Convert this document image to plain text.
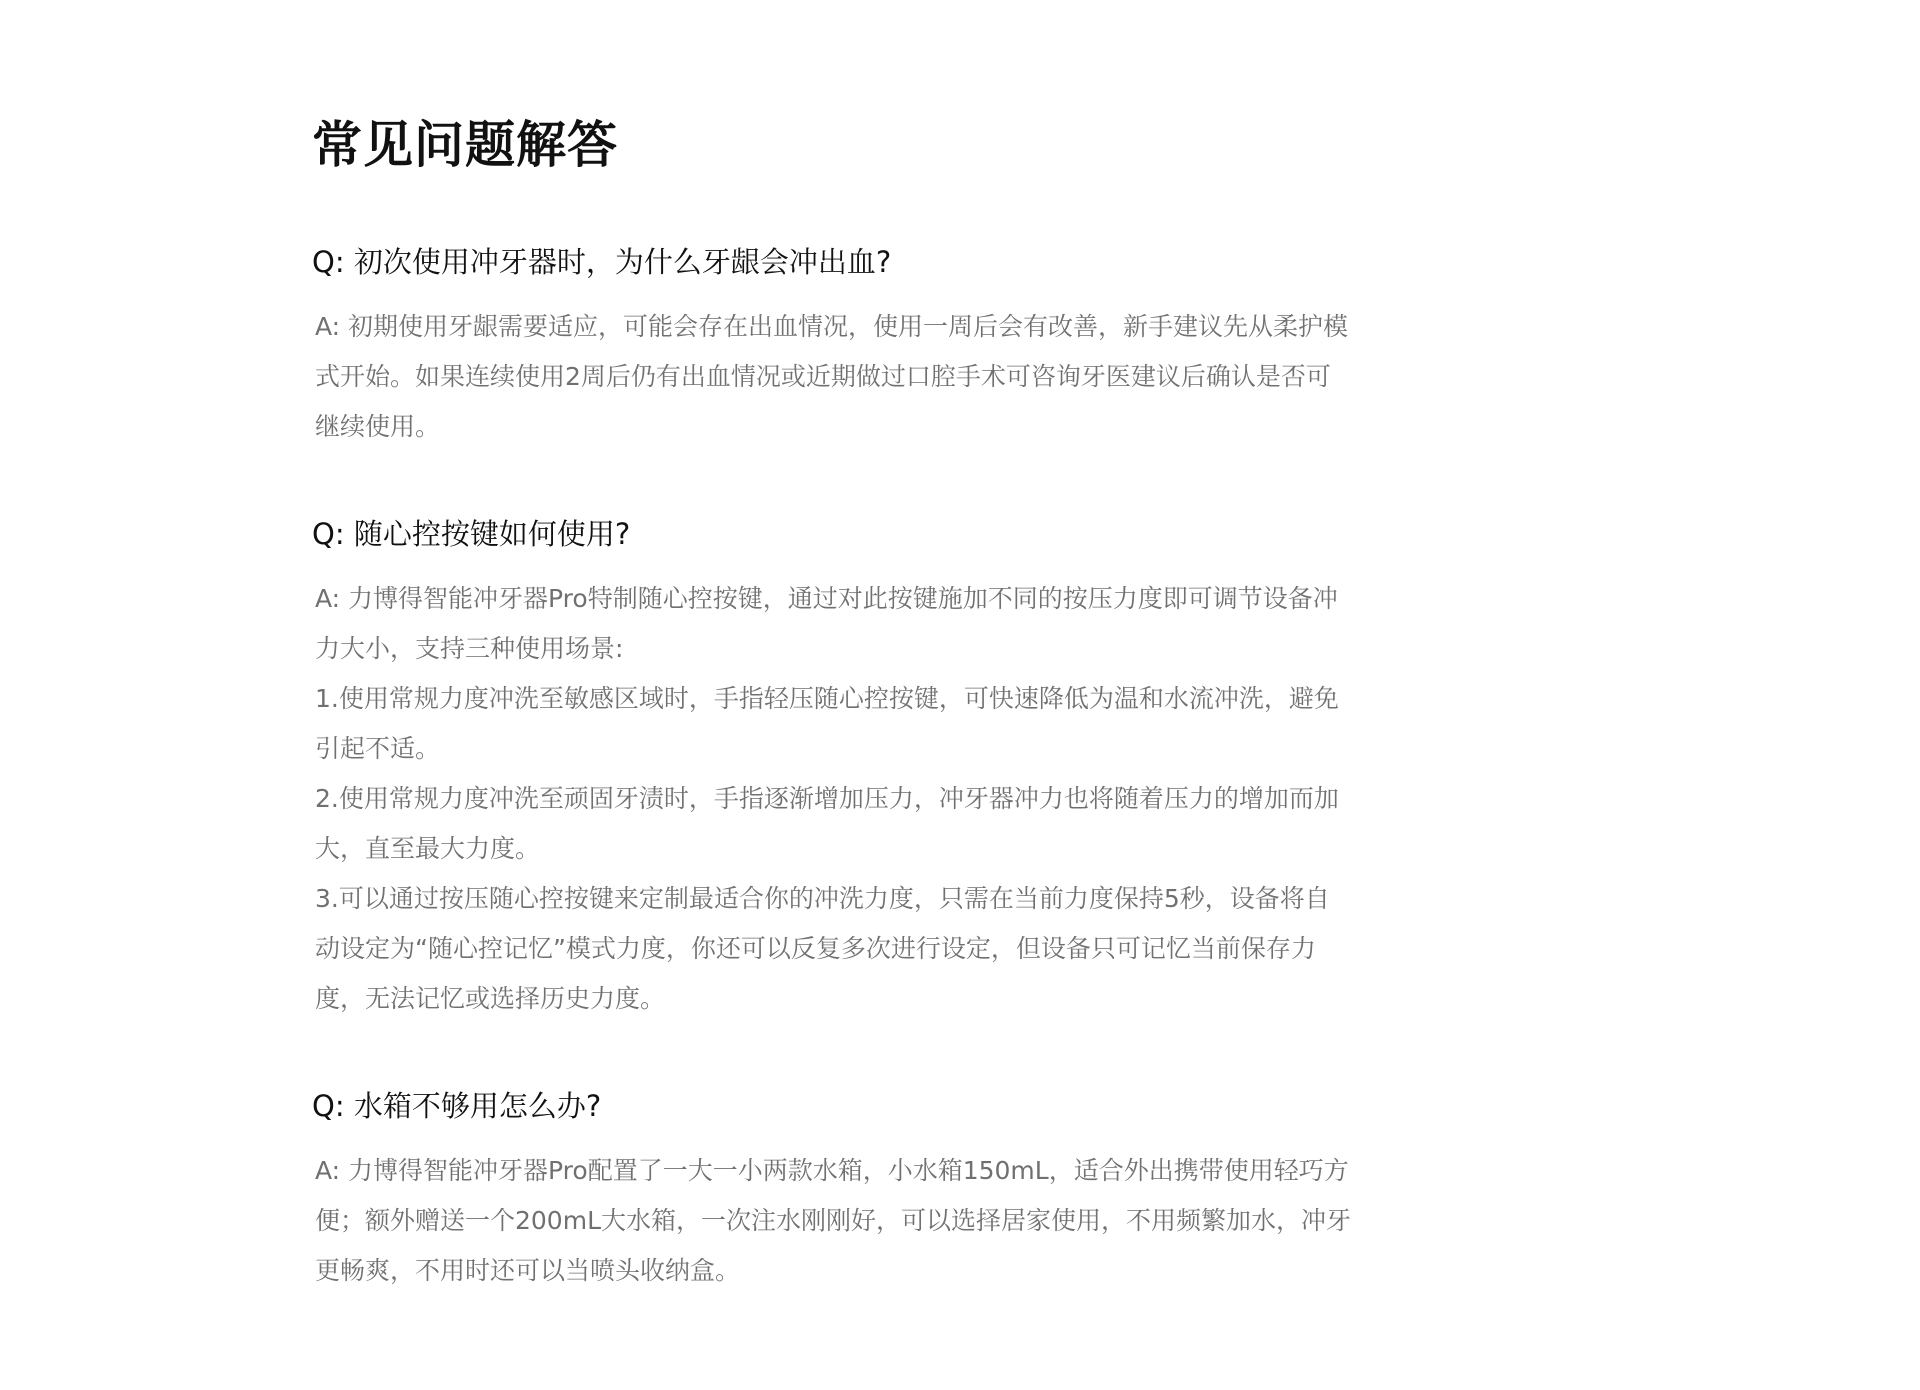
常见问题解答
Q: 初次使用冲牙器时，为什么牙龈会冲出血?

A: 初期使用牙龈需要适应，可能会存在出血情况，使用一周后会有改善，新手建议先从柔护模式开始。如果连续使用2周后仍有出血情况或近期做过口腔手术可咨询牙医建议后确认是否可继续使用。

Q: 随心控按键如何使用?

A: 力博得智能冲牙器Pro特制随心控按键，通过对此按键施加不同的按压力度即可调节设备冲力大小，支持三种使用场景:
1.使用常规力度冲洗至敏感区域时，手指轻压随心控按键，可快速降低为温和水流冲洗，避免引起不适。
2.使用常规力度冲洗至顽固牙渍时，手指逐渐增加压力，冲牙器冲力也将随着压力的增加而加大，直至最大力度。
3.可以通过按压随心控按键来定制最适合你的冲洗力度，只需在当前力度保持5秒，设备将自动设定为“随心控记忆”模式力度，你还可以反复多次进行设定，但设备只可记忆当前保存力度，无法记忆或选择历史力度。

Q: 水箱不够用怎么办?

A: 力博得智能冲牙器Pro配置了一大一小两款水箱，小水箱150mL，适合外出携带使用轻巧方便；额外赠送一个200mL大水箱，一次注水刚刚好，可以选择居家使用，不用频繁加水，冲牙更畅爽，不用时还可以当喷头收纳盒。
